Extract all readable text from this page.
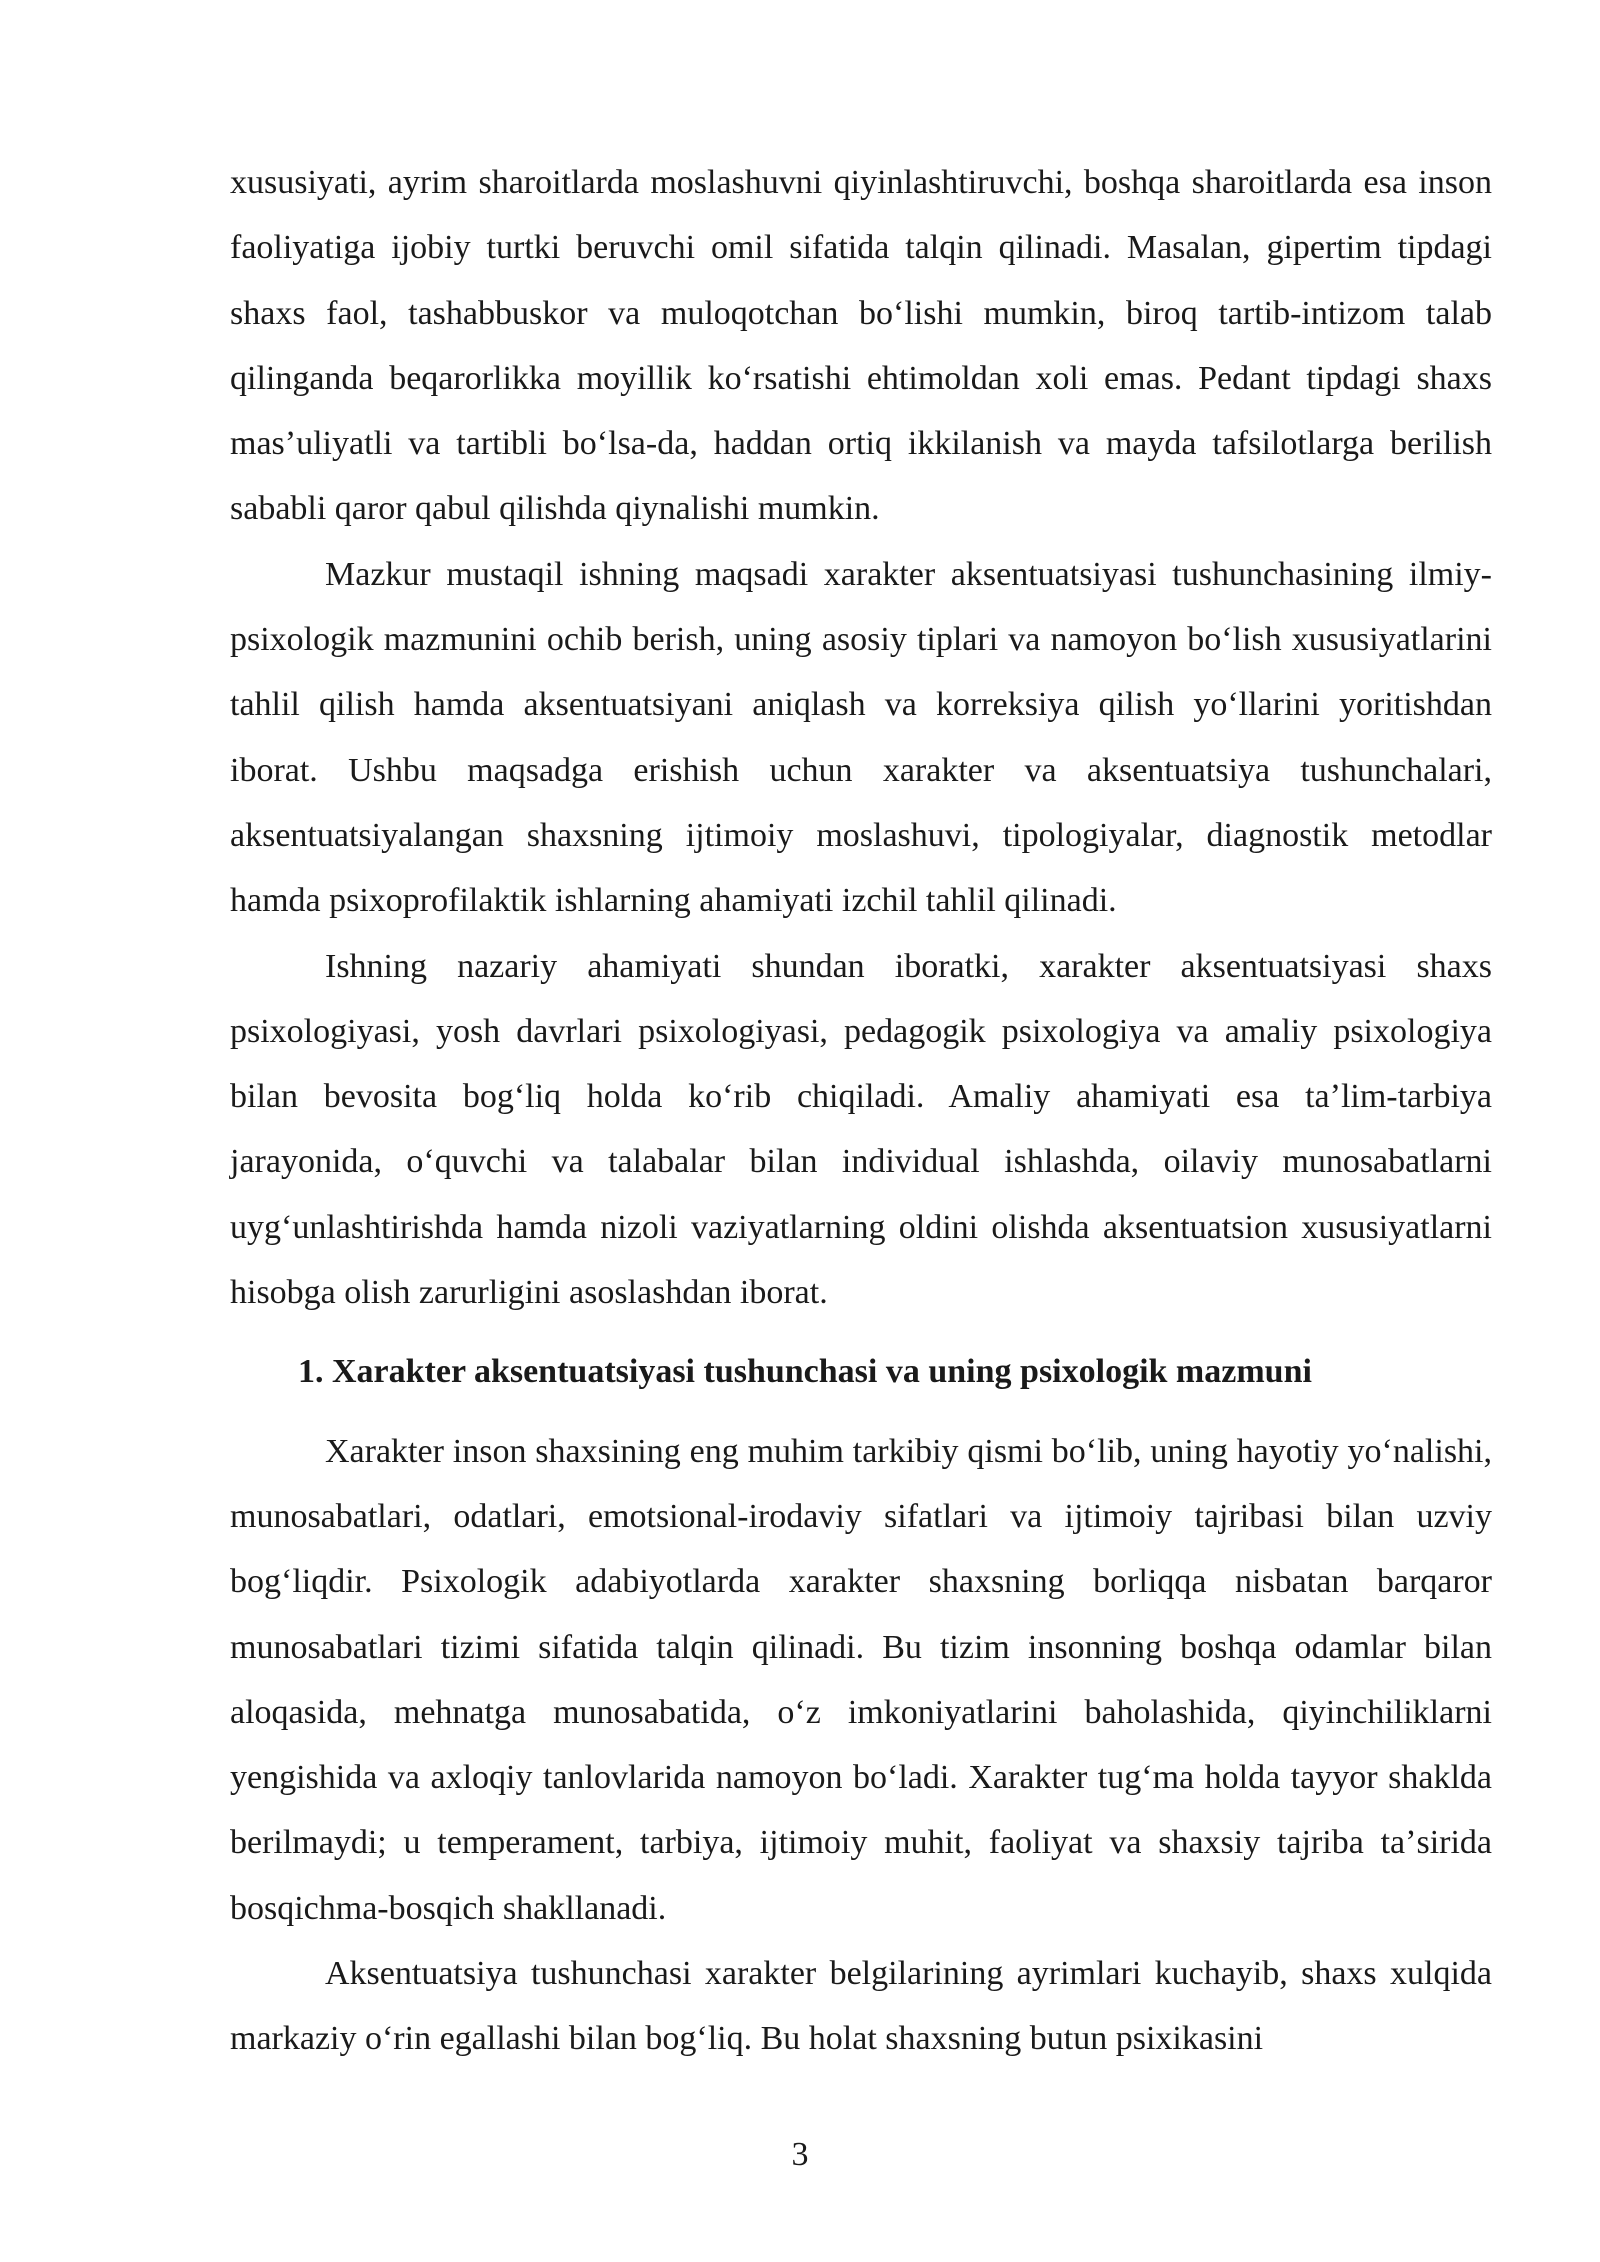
xususiyati, ayrim sharoitlarda moslashuvni qiyinlashtiruvchi, boshqa sharoitlarda esa inson faoliyatiga ijobiy turtki beruvchi omil sifatida talqin qilinadi. Masalan, gipertim tipdagi shaxs faol, tashabbuskor va muloqotchan boʻlishi mumkin, biroq tartib-intizom talab qilinganda beqarorlikka moyillik koʻrsatishi ehtimoldan xoli emas. Pedant tipdagi shaxs masʼuliyatli va tartibli boʻlsa-da, haddan ortiq ikkilanish va mayda tafsilotlarga berilish sababli qaror qabul qilishda qiynalishi mumkin.

Mazkur mustaqil ishning maqsadi xarakter aksentuatsiyasi tushunchasining ilmiy-psixologik mazmunini ochib berish, uning asosiy tiplari va namoyon boʻlish xususiyatlarini tahlil qilish hamda aksentuatsiyani aniqlash va korreksiya qilish yoʻllarini yoritishdan iborat. Ushbu maqsadga erishish uchun xarakter va aksentuatsiya tushunchalari, aksentuatsiyalangan shaxsning ijtimoiy moslashuvi, tipologiyalar, diagnostik metodlar hamda psixoprofilaktik ishlarning ahamiyati izchil tahlil qilinadi.

Ishning nazariy ahamiyati shundan iboratki, xarakter aksentuatsiyasi shaxs psixologiyasi, yosh davrlari psixologiyasi, pedagogik psixologiya va amaliy psixologiya bilan bevosita bogʻliq holda koʻrib chiqiladi. Amaliy ahamiyati esa taʼlim-tarbiya jarayonida, oʻquvchi va talabalar bilan individual ishlashda, oilaviy munosabatlarni uygʻunlashtirishda hamda nizoli vaziyatlarning oldini olishda aksentuatsion xususiyatlarni hisobga olish zarurligini asoslashdan iborat.

1. Xarakter aksentuatsiyasi tushunchasi va uning psixologik mazmuni

Xarakter inson shaxsining eng muhim tarkibiy qismi boʻlib, uning hayotiy yoʻnalishi, munosabatlari, odatlari, emotsional-irodaviy sifatlari va ijtimoiy tajribasi bilan uzviy bogʻliqdir. Psixologik adabiyotlarda xarakter shaxsning borliqqa nisbatan barqaror munosabatlari tizimi sifatida talqin qilinadi. Bu tizim insonning boshqa odamlar bilan aloqasida, mehnatga munosabatida, oʻz imkoniyatlarini baholashida, qiyinchiliklarni yengishida va axloqiy tanlovlarida namoyon boʻladi. Xarakter tugʻma holda tayyor shaklda berilmaydi; u temperament, tarbiya, ijtimoiy muhit, faoliyat va shaxsiy tajriba taʼsirida bosqichma-bosqich shakllanadi.

Aksentuatsiya tushunchasi xarakter belgilarining ayrimlari kuchayib, shaxs xulqida markaziy oʻrin egallashi bilan bogʻliq. Bu holat shaxsning butun psixikasini

3
